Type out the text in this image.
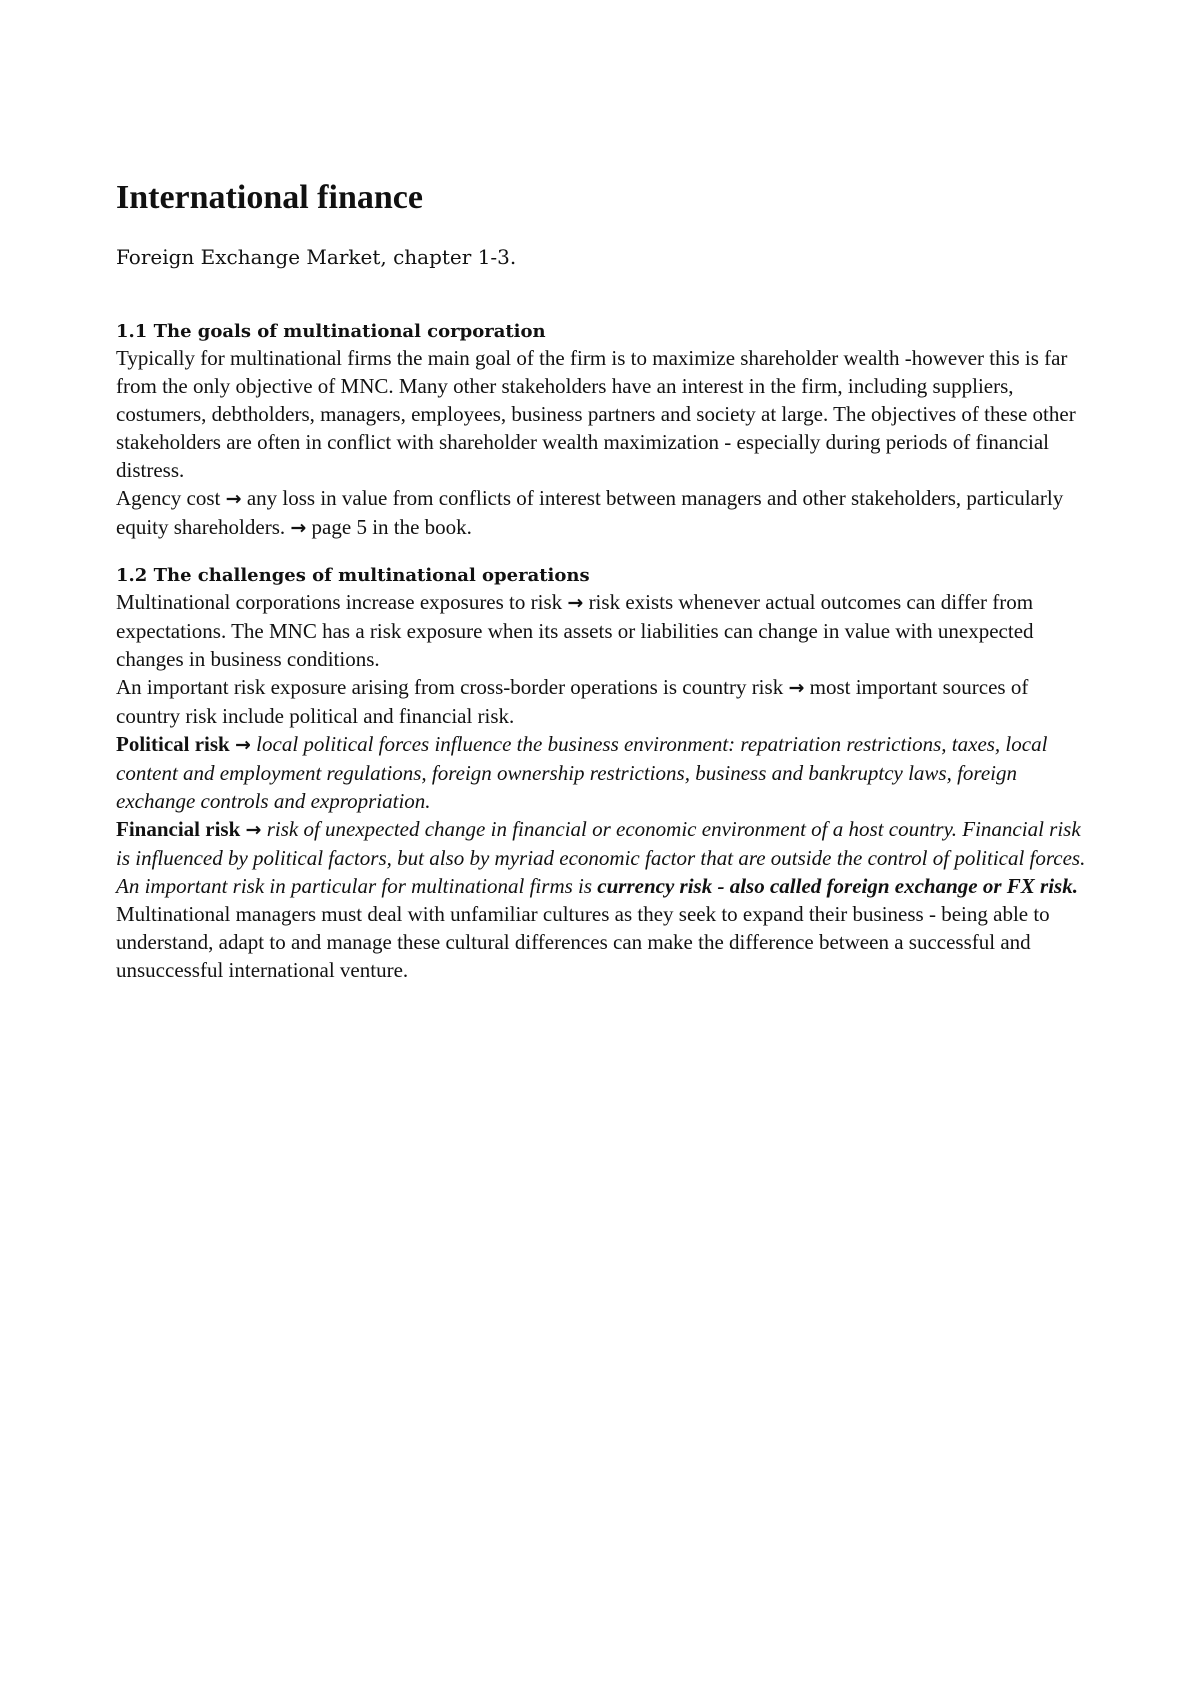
International finance
Foreign Exchange Market, chapter 1-3.
1.1 The goals of multinational corporation

Typically for multinational firms the main goal of the firm is to maximize shareholder wealth -however this is far from the only objective of MNC. Many other stakeholders have an interest in the firm, including suppliers, costumers, debtholders, managers, employees, business partners and society at large. The objectives of these other stakeholders are often in conflict with shareholder wealth maximization - especially during periods of financial distress.

Agency cost → any loss in value from conflicts of interest between managers and other stakeholders, particularly equity shareholders. → page 5 in the book.

1.2 The challenges of multinational operations

Multinational corporations increase exposures to risk → risk exists whenever actual outcomes can differ from expectations. The MNC has a risk exposure when its assets or liabilities can change in value with unexpected changes in business conditions.

An important risk exposure arising from cross-border operations is country risk → most important sources of country risk include political and financial risk.

Political risk → local political forces influence the business environment: repatriation restrictions, taxes, local content and employment regulations, foreign ownership restrictions, business and bankruptcy laws, foreign exchange controls and expropriation.

Financial risk → risk of unexpected change in financial or economic environment of a host country. Financial risk is influenced by political factors, but also by myriad economic factor that are outside the control of political forces. An important risk in particular for multinational firms is currency risk - also called foreign exchange or FX risk.

Multinational managers must deal with unfamiliar cultures as they seek to expand their business - being able to understand, adapt to and manage these cultural differences can make the difference between a successful and unsuccessful international venture.
